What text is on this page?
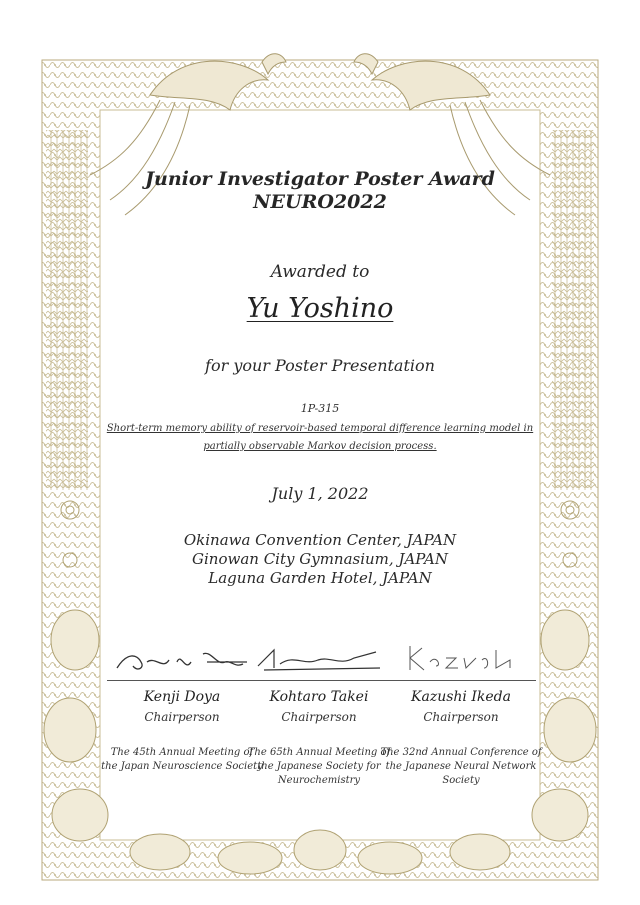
Junior Investigator Poster Award
NEURO2022
Awarded to
Yu Yoshino
for your Poster Presentation
1P-315
Short-term memory ability of reservoir-based temporal difference learning model in
partially observable Markov decision process.
July 1, 2022
Okinawa Convention Center, JAPAN
Ginowan City Gymnasium, JAPAN
Laguna Garden Hotel, JAPAN
Kenji Doya
Chairperson
The 45th Annual Meeting of
the Japan Neuroscience Society
Kohtaro Takei
Chairperson
The 65th Annual Meeting of
the Japanese Society for
Neurochemistry
Kazushi Ikeda
Chairperson
The 32nd Annual Conference of
the Japanese Neural Network
Society
